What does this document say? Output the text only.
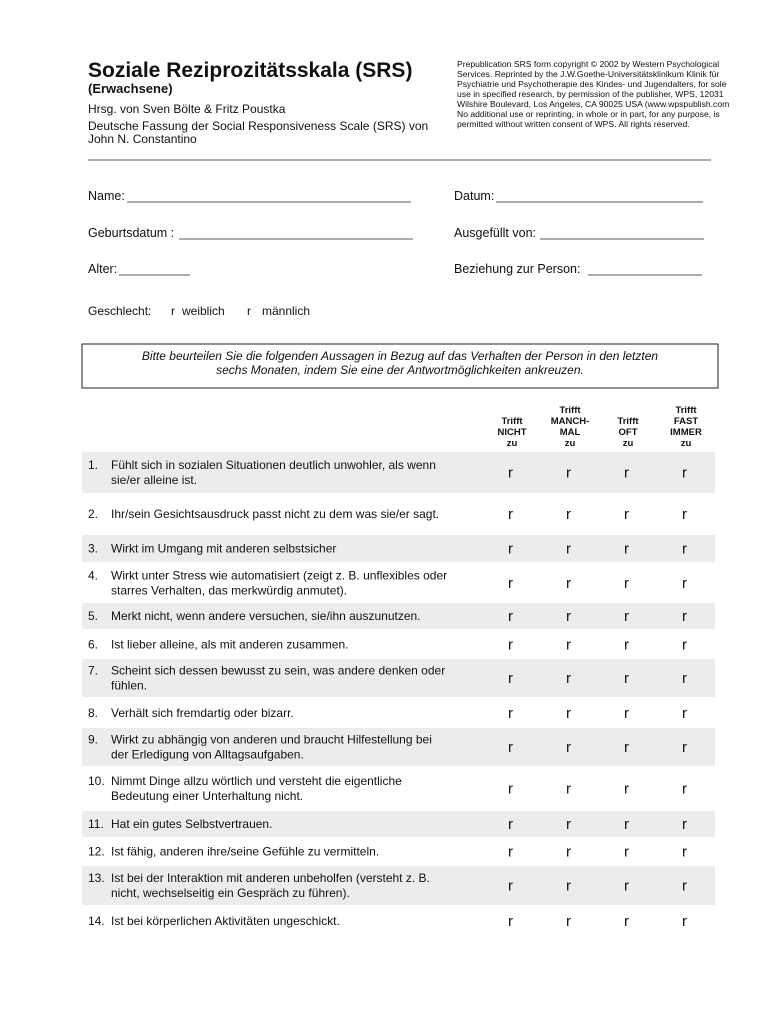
Soziale Reziprozitätsskala (SRS)
(Erwachsene)
Hrsg. von Sven Bölte & Fritz Poustka
Deutsche Fassung der Social Responsiveness Scale (SRS) von
John N. Constantino
Prepublication SRS form copyright © 2002 by Western Psychological
Services. Reprinted by the J.W.Goethe-Universitätsklinikum Klinik für
Psychiatrie und Psychotherapie des Kindes- und Jugendalters, for sole
use in specified research, by permission of the publisher, WPS, 12031
Wilshire Boulevard, Los Angeles, CA 90025 USA (www.wpspublish.com
No additional use or reprinting, in whole or in part, for any purpose, is
permitted without written consent of WPS. All rights reserved.
Name:	Datum:
Geburtsdatum :	Ausgefüllt von:
Alter:	Beziehung zur Person:
Geschlecht: r weiblich r männlich
Bitte beurteilen Sie die folgenden Aussagen in Bezug auf das Verhalten der Person in den letzten
sechs Monaten, indem Sie eine der Antwortmöglichkeiten ankreuzen.
Trifft
NICHT
zu
Trifft
MANCH-
MAL
zu
Trifft
OFT
zu
Trifft
FAST
IMMER
zu
1. Fühlt sich in sozialen Situationen deutlich unwohler, als wenn
sie/er alleine ist.	r	r	r	r
2. Ihr/sein Gesichtsausdruck passt nicht zu dem was sie/er sagt.	r	r	r	r
3. Wirkt im Umgang mit anderen selbstsicher	r	r	r	r
4. Wirkt unter Stress wie automatisiert (zeigt z. B. unflexibles oder
starres Verhalten, das merkwürdig anmutet).	r	r	r	r
5. Merkt nicht, wenn andere versuchen, sie/ihn auszunutzen.	r	r	r	r
6. Ist lieber alleine, als mit anderen zusammen.	r	r	r	r
7. Scheint sich dessen bewusst zu sein, was andere denken oder
fühlen.	r	r	r	r
8. Verhält sich fremdartig oder bizarr.	r	r	r	r
9. Wirkt zu abhängig von anderen und braucht Hilfestellung bei
der Erledigung von Alltagsaufgaben.	r	r	r	r
10. Nimmt Dinge allzu wörtlich und versteht die eigentliche
Bedeutung einer Unterhaltung nicht.	r	r	r	r
11. Hat ein gutes Selbstvertrauen.	r	r	r	r
12. Ist fähig, anderen ihre/seine Gefühle zu vermitteln.	r	r	r	r
13. Ist bei der Interaktion mit anderen unbeholfen (versteht z. B.
nicht, wechselseitig ein Gespräch zu führen).	r	r	r	r
14. Ist bei körperlichen Aktivitäten ungeschickt.	r	r	r	r
